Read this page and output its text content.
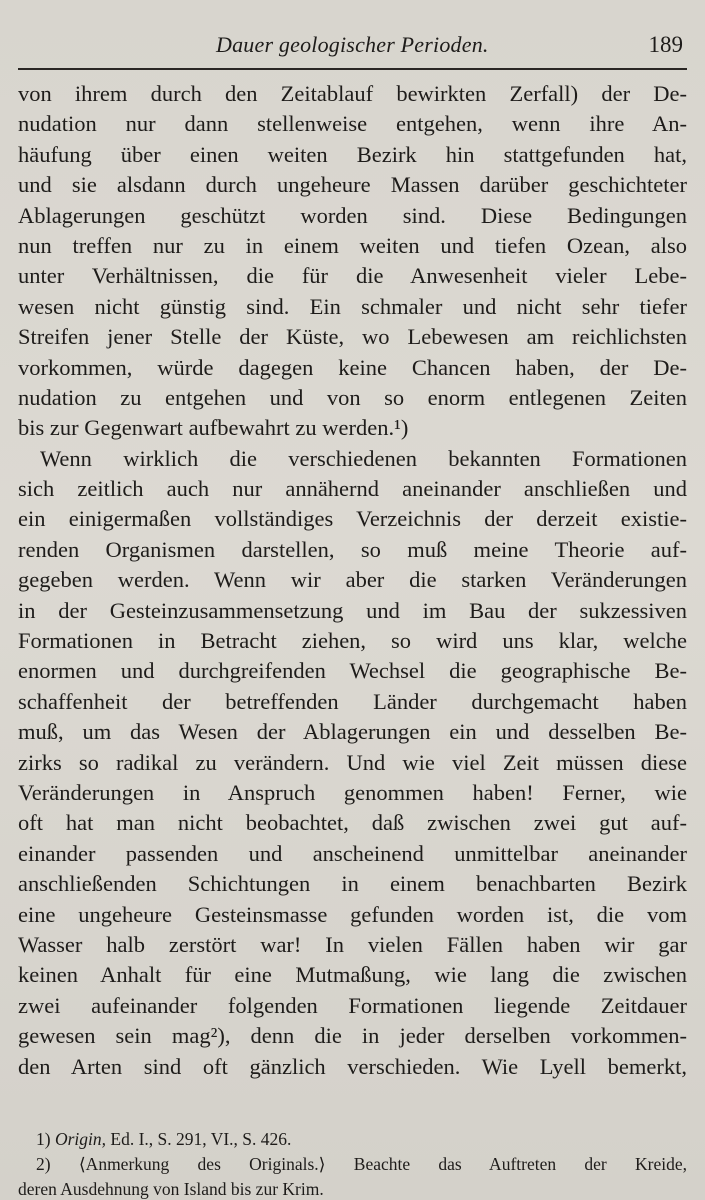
Dauer geologischer Perioden.	189
von ihrem durch den Zeitablauf bewirkten Zerfall) der De-
nudation nur dann stellenweise entgehen, wenn ihre An-
häufung über einen weiten Bezirk hin stattgefunden hat,
und sie alsdann durch ungeheure Massen darüber geschichteter
Ablagerungen geschützt worden sind. Diese Bedingungen
nun treffen nur zu in einem weiten und tiefen Ozean, also
unter Verhältnissen, die für die Anwesenheit vieler Lebe-
wesen nicht günstig sind. Ein schmaler und nicht sehr tiefer
Streifen jener Stelle der Küste, wo Lebewesen am reichlichsten
vorkommen, würde dagegen keine Chancen haben, der De-
nudation zu entgehen und von so enorm entlegenen Zeiten
bis zur Gegenwart aufbewahrt zu werden.¹)
Wenn wirklich die verschiedenen bekannten Formationen
sich zeitlich auch nur annähernd aneinander anschließen und
ein einigermaßen vollständiges Verzeichnis der derzeit existie-
renden Organismen darstellen, so muß meine Theorie auf-
gegeben werden. Wenn wir aber die starken Veränderungen
in der Gesteinzusammensetzung und im Bau der sukzessiven
Formationen in Betracht ziehen, so wird uns klar, welche
enormen und durchgreifenden Wechsel die geographische Be-
schaffenheit der betreffenden Länder durchgemacht haben
muß, um das Wesen der Ablagerungen ein und desselben Be-
zirks so radikal zu verändern. Und wie viel Zeit müssen diese
Veränderungen in Anspruch genommen haben! Ferner, wie
oft hat man nicht beobachtet, daß zwischen zwei gut auf-
einander passenden und anscheinend unmittelbar aneinander
anschließenden Schichtungen in einem benachbarten Bezirk
eine ungeheure Gesteinsmasse gefunden worden ist, die vom
Wasser halb zerstört war! In vielen Fällen haben wir gar
keinen Anhalt für eine Mutmaßung, wie lang die zwischen
zwei aufeinander folgenden Formationen liegende Zeitdauer
gewesen sein mag²), denn die in jeder derselben vorkommen-
den Arten sind oft gänzlich verschieden. Wie Lyell bemerkt,
1) Origin, Ed. I., S. 291, VI., S. 426.
2) ⟨Anmerkung des Originals.⟩ Beachte das Auftreten der Kreide,
deren Ausdehnung von Island bis zur Krim.
